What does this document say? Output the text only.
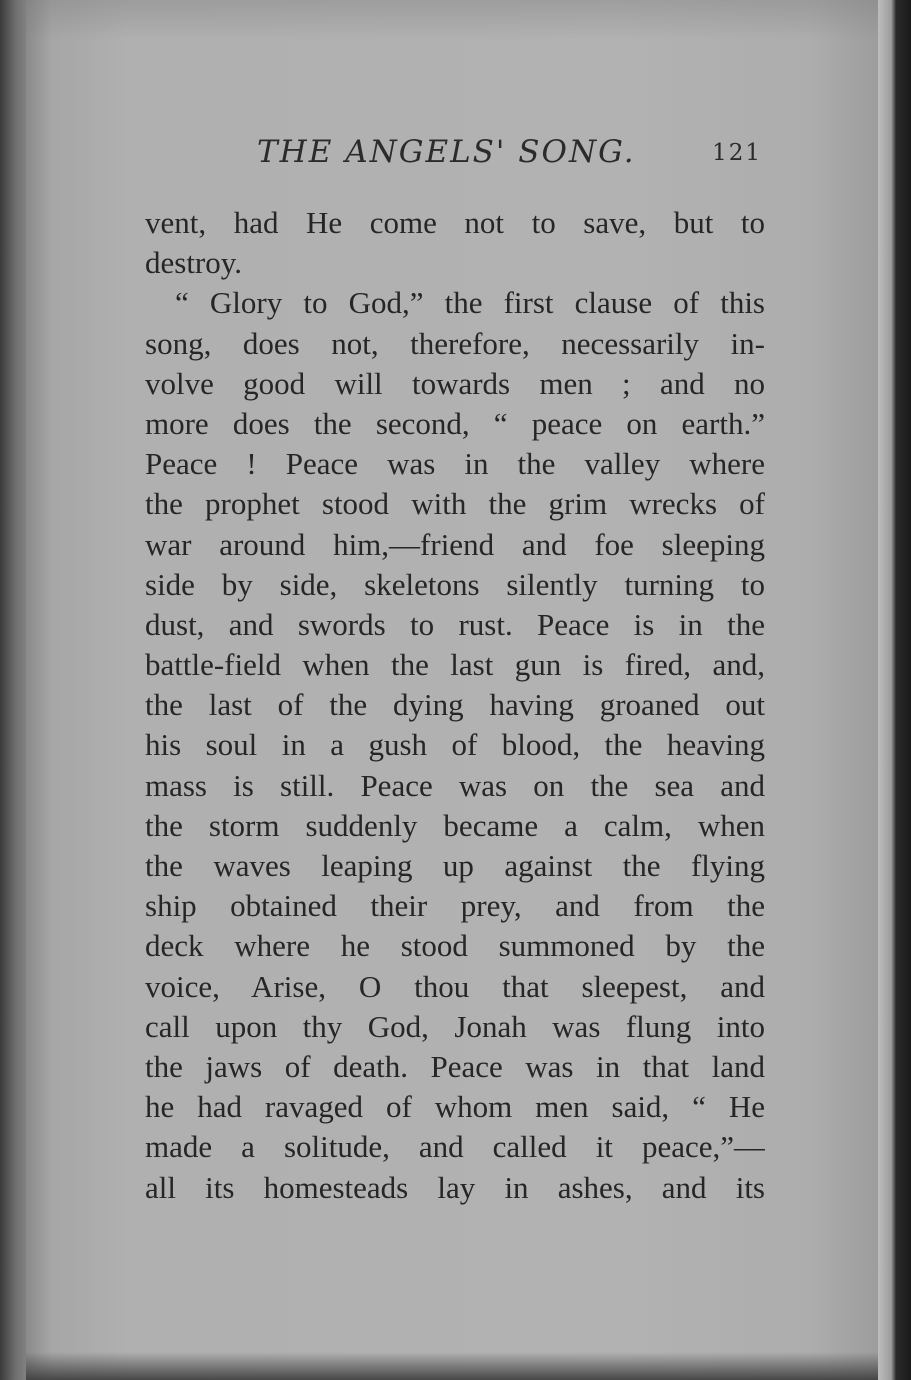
THE ANGELS' SONG.	121
vent, had He come not to save, but to
destroy.
“ Glory to God,” the first clause of this
song, does not, therefore, necessarily in-
volve good will towards men ; and no
more does the second, “ peace on earth.”
Peace ! Peace was in the valley where
the prophet stood with the grim wrecks of
war around him,—friend and foe sleeping
side by side, skeletons silently turning to
dust, and swords to rust. Peace is in the
battle-field when the last gun is fired, and,
the last of the dying having groaned out
his soul in a gush of blood, the heaving
mass is still. Peace was on the sea and
the storm suddenly became a calm, when
the waves leaping up against the flying
ship obtained their prey, and from the
deck where he stood summoned by the
voice, Arise, O thou that sleepest, and
call upon thy God, Jonah was flung into
the jaws of death. Peace was in that land
he had ravaged of whom men said, “ He
made a solitude, and called it peace,”—
all its homesteads lay in ashes, and its
